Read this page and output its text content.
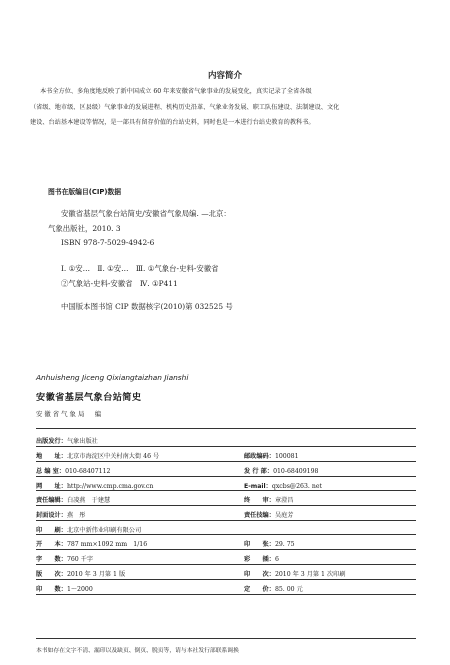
内容简介
本书全方位、多角度地反映了新中国成立 60 年来安徽省气象事业的发展变化，真实记录了全省各级
（省级、地市级、区县级）气象事业的发展进程、机构历史沿革、气象业务发展、职工队伍建设、法制建设、文化
建设、台站基本建设等情况，是一部具有留存价值的台站史料，同时也是一本进行台站史教育的教科书。
图书在版编目(CIP)数据
安徽省基层气象台站简史/安徽省气象局编. —北京：
气象出版社，2010. 3
ISBN 978-7-5029-4942-6
Ⅰ. ①安…　Ⅱ. ①安…　Ⅲ. ①气象台-史料-安徽省
②气象站-史料-安徽省　Ⅳ. ①P411
中国版本图书馆 CIP 数据核字(2010)第 032525 号
Anhuisheng Jiceng Qixiangtaizhan Jianshi
安徽省基层气象台站简史
安徽省气象局　编
出版发行：气象出版社
地　　址：北京市海淀区中关村南大街 46 号
总 编 室：010-68407112
网　　址：http://www.cmp.cma.gov.cn
责任编辑：白凌燕　于建慧
封面设计：燕　彤
印　　刷：北京中新伟业印刷有限公司
开　　本：787 mm×1092 mm　1/16
字　　数：760 千字
版　　次：2010 年 3 月第 1 版
印　　数：1～2000
邮政编码：100081
发 行 部：010-68409198
E-mail：qxcbs@263. net
终　　审：章澄昌
责任技编：吴庭芳
印　　张：29. 75
彩　　插：6
印　　次：2010 年 3 月第 1 次印刷
定　　价：85. 00 元
本书如存在文字不清、漏印以及缺页、倒页、脱页等，请与本社发行部联系调换
